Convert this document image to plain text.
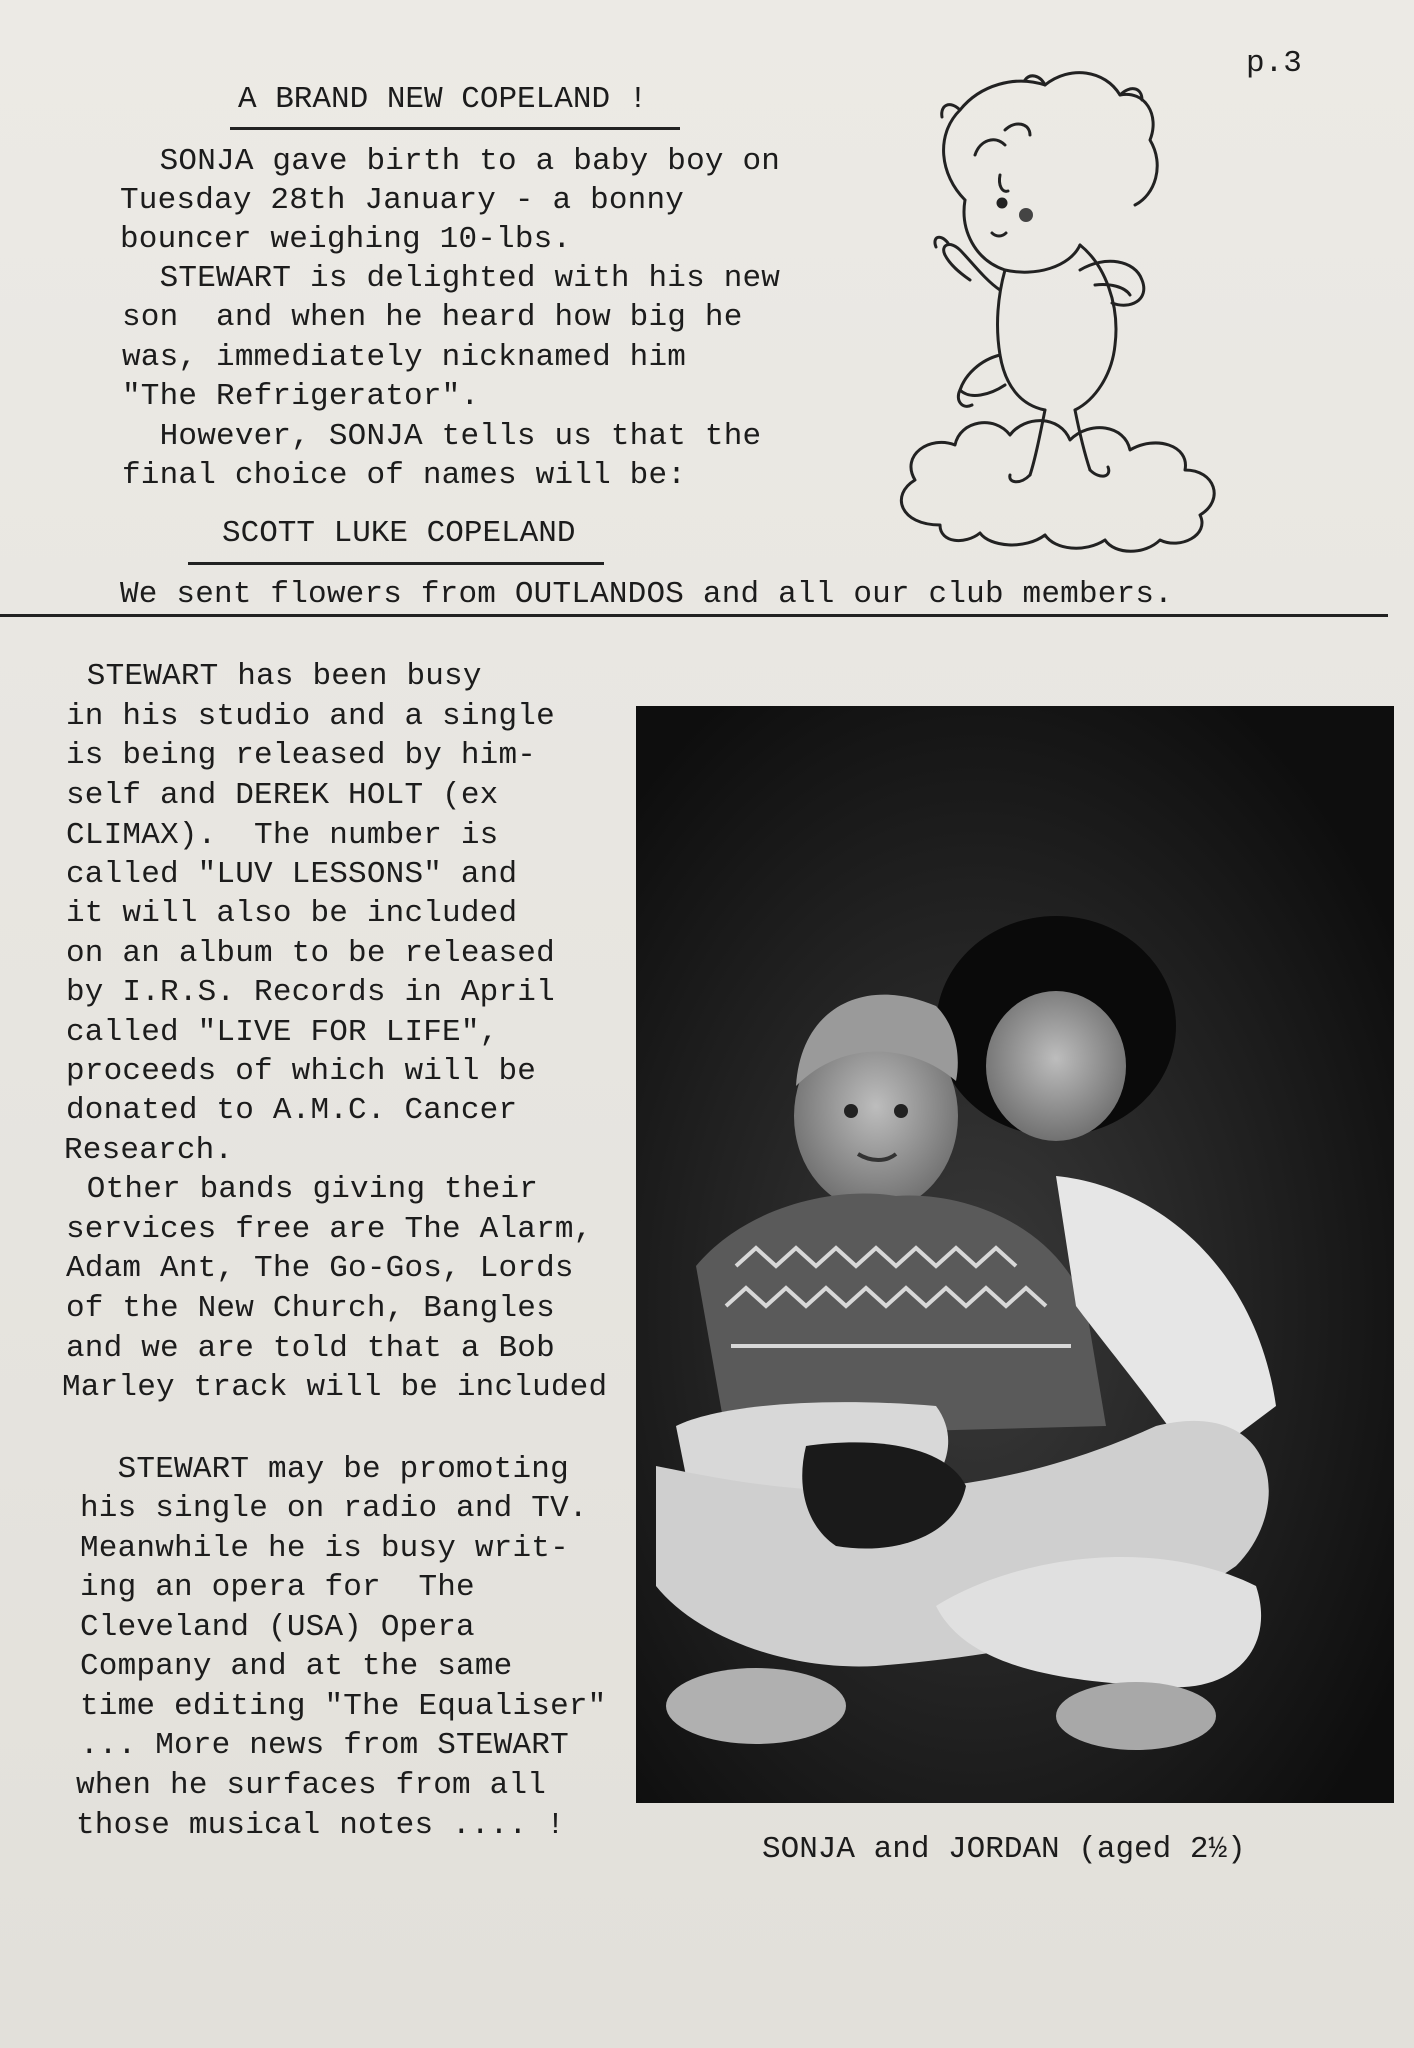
p.3
A BRAND NEW COPELAND !
SONJA gave birth to a baby boy on
Tuesday 28th January - a bonny
bouncer weighing 10-lbs.
STEWART is delighted with his new
son  and when he heard how big he
was, immediately nicknamed him
"The Refrigerator".
However, SONJA tells us that the
final choice of names will be:
SCOTT LUKE COPELAND
We sent flowers from OUTLANDOS and all our club members.
STEWART has been busy
in his studio and a single
is being released by him-
self and DEREK HOLT (ex
CLIMAX).  The number is
called "LUV LESSONS" and
it will also be included
on an album to be released
by I.R.S. Records in April
called "LIVE FOR LIFE",
proceeds of which will be
donated to A.M.C. Cancer
Research.
Other bands giving their
services free are The Alarm,
Adam Ant, The Go-Gos, Lords
of the New Church, Bangles
and we are told that a Bob
Marley track will be included
STEWART may be promoting
his single on radio and TV.
Meanwhile he is busy writ-
ing an opera for  The
Cleveland (USA) Opera
Company and at the same
time editing "The Equaliser"
... More news from STEWART
when he surfaces from all
those musical notes .... !
SONJA and JORDAN (aged 2½)
